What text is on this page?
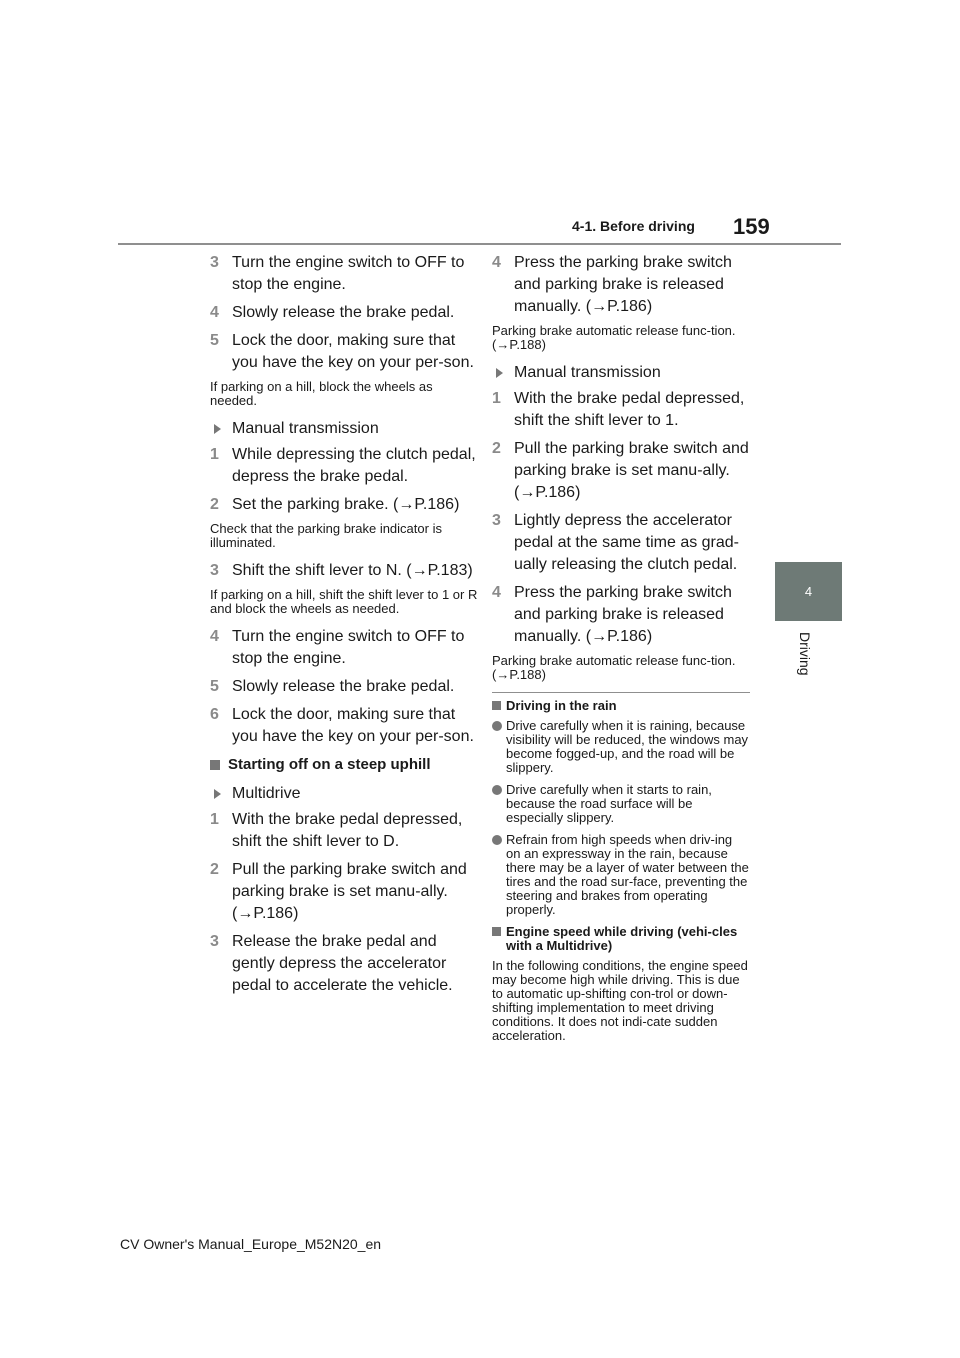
4-1. Before driving 159
4
Driving
3 Turn the engine switch to OFF to stop the engine.
4 Slowly release the brake pedal.
5 Lock the door, making sure that you have the key on your per-son.

If parking on a hill, block the wheels as needed.

Manual transmission
1 While depressing the clutch pedal, depress the brake pedal.
2 Set the parking brake. (→P.186)

Check that the parking brake indicator is illuminated.

3 Shift the shift lever to N. (→P.183)

If parking on a hill, shift the shift lever to 1 or R and block the wheels as needed.

4 Turn the engine switch to OFF to stop the engine.
5 Slowly release the brake pedal.
6 Lock the door, making sure that you have the key on your per-son.
Starting off on a steep uphill
Multidrive
1 With the brake pedal depressed, shift the shift lever to D.
2 Pull the parking brake switch and parking brake is set manu-ally. (→P.186)
3 Release the brake pedal and gently depress the accelerator pedal to accelerate the vehicle.
4 Press the parking brake switch and parking brake is released manually. (→P.186)

Parking brake automatic release func-tion. (→P.188)

Manual transmission
1 With the brake pedal depressed, shift the shift lever to 1.
2 Pull the parking brake switch and parking brake is set manu-ally. (→P.186)
3 Lightly depress the accelerator pedal at the same time as grad-ually releasing the clutch pedal.
4 Press the parking brake switch and parking brake is released manually. (→P.186)

Parking brake automatic release func-tion. (→P.188)

Driving in the rain
Drive carefully when it is raining, because visibility will be reduced, the windows may become fogged-up, and the road will be slippery.
Drive carefully when it starts to rain, because the road surface will be especially slippery.
Refrain from high speeds when driv-ing on an expressway in the rain, because there may be a layer of water between the tires and the road sur-face, preventing the steering and brakes from operating properly.
Engine speed while driving (vehi-cles with a Multidrive)

In the following conditions, the engine speed may become high while driving. This is due to automatic up-shifting con-trol or down-shifting implementation to meet driving conditions. It does not indi-cate sudden acceleration.

CV Owner's Manual_Europe_M52N20_en
